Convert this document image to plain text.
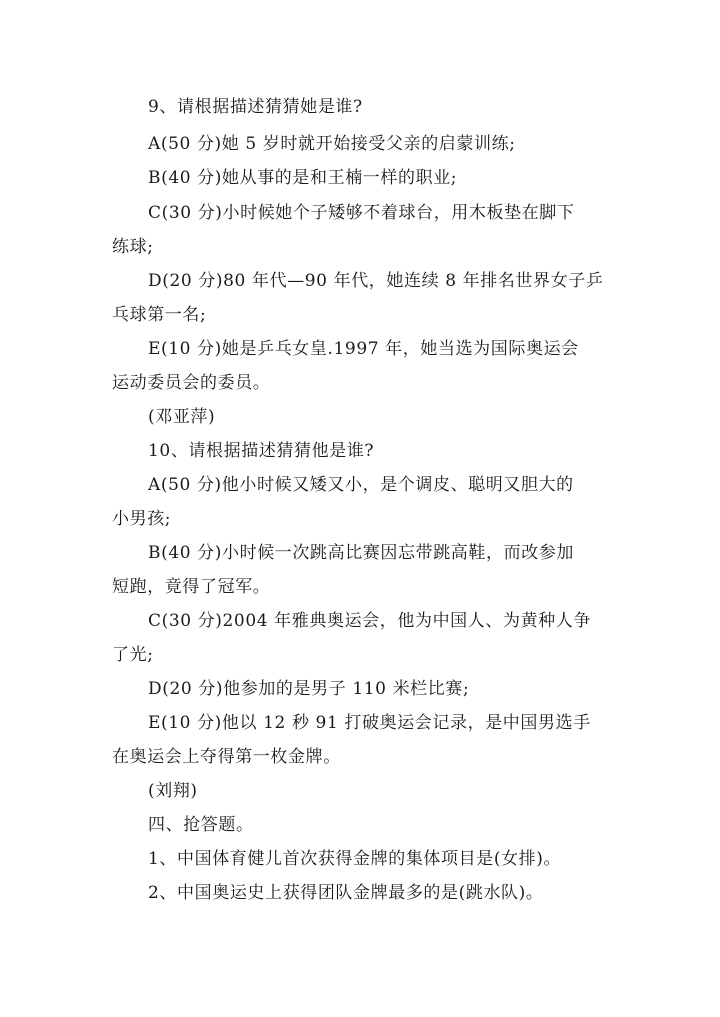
9、请根据描述猜猜她是谁?
A(50 分)她 5 岁时就开始接受父亲的启蒙训练;
B(40 分)她从事的是和王楠一样的职业;
C(30 分)小时候她个子矮够不着球台，用木板垫在脚下
练球;
D(20 分)80 年代—90 年代，她连续 8 年排名世界女子乒
乓球第一名;
E(10 分)她是乒乓女皇.1997 年，她当选为国际奥运会
运动委员会的委员。
(邓亚萍)
10、请根据描述猜猜他是谁?
A(50 分)他小时候又矮又小，是个调皮、聪明又胆大的
小男孩;
B(40 分)小时候一次跳高比赛因忘带跳高鞋，而改参加
短跑，竟得了冠军。
C(30 分)2004 年雅典奥运会，他为中国人、为黄种人争
了光;
D(20 分)他参加的是男子 110 米栏比赛;
E(10 分)他以 12 秒 91 打破奥运会记录，是中国男选手
在奥运会上夺得第一枚金牌。
(刘翔)
四、抢答题。
1、中国体育健儿首次获得金牌的集体项目是(女排)。
2、中国奥运史上获得团队金牌最多的是(跳水队)。
